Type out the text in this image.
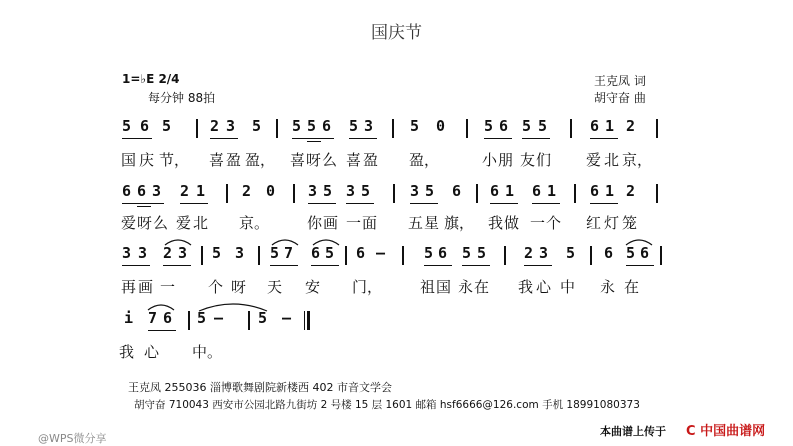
国庆节
1=♭E 2/4
每分钟 88拍
王克凤 词
胡守奋 曲
5 6 5	2 3 5 5 5 6 5 3 5 0	5 6 5 5	6 1 2
国 庆 节， 喜 盈 盈， 喜 呀 么 喜 盈 盈，	小 朋 友 们 爱 北 京，
6 6 3 2 1 2 0 3 5 3 5	3 5 6 6 1 6 1 6 1 2
爱 呀 么 爱 北 京。	你 画 一 面 五 星 旗， 我 做 一 个 红 灯 笼
3 3 2 3 5 3 5 7 6 5 6 —	5 6 5 5	2 3 5 6 5 6
再 画 一 个 呀 天 安 门，	祖 国 永 在 我 心 中 永 在
i 7 6 5 — 5 —
我 心 中。
王克凤 255036 淄博歌舞剧院新楼西 402 市音文学会
胡守奋 710043 西安市公园北路九街坊 2 号楼 15 层 1601 邮箱 hsf6666@126.com 手机 18991080373
@WPS微分享
本曲谱上传于 C 中国曲谱网
